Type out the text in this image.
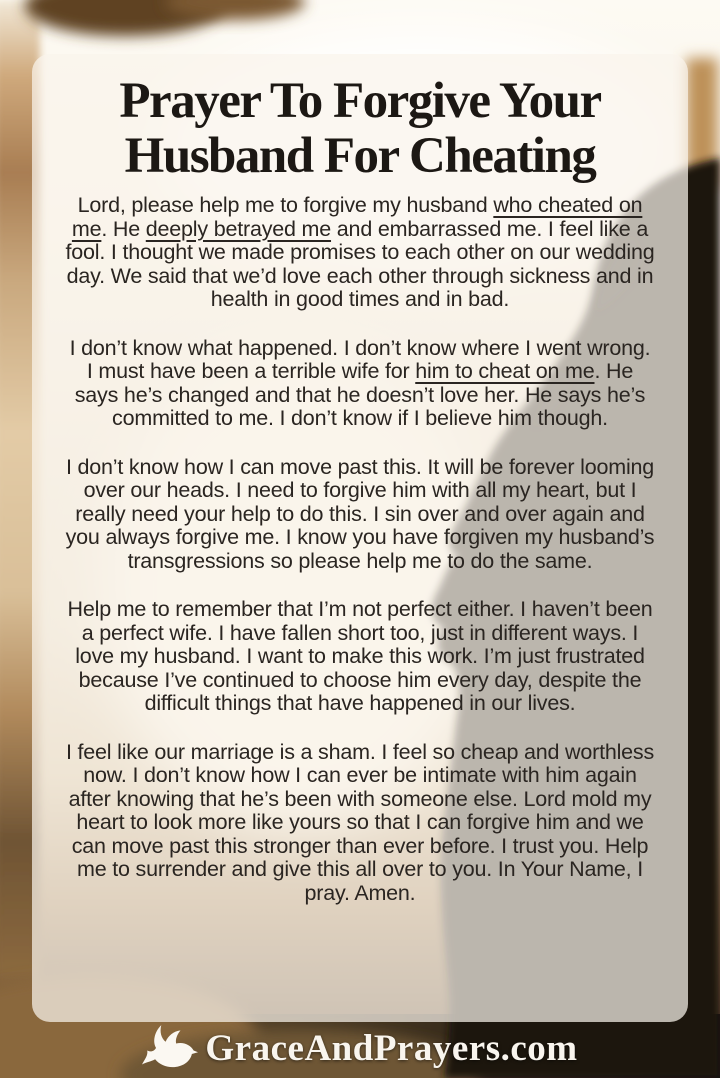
Prayer To Forgive Your
Husband For Cheating

Lord, please help me to forgive my husband who cheated on me. He deeply betrayed me and embarrassed me. I feel like a fool. I thought we made promises to each other on our wedding day. We said that we’d love each other through sickness and in health in good times and in bad.

I don’t know what happened. I don’t know where I went wrong. I must have been a terrible wife for him to cheat on me. He says he’s changed and that he doesn’t love her. He says he’s committed to me. I don’t know if I believe him though.

I don’t know how I can move past this. It will be forever looming over our heads. I need to forgive him with all my heart, but I really need your help to do this. I sin over and over again and you always forgive me. I know you have forgiven my husband’s transgressions so please help me to do the same.

Help me to remember that I’m not perfect either. I haven’t been a perfect wife. I have fallen short too, just in different ways. I love my husband. I want to make this work. I’m just frustrated because I’ve continued to choose him every day, despite the difficult things that have happened in our lives.

I feel like our marriage is a sham. I feel so cheap and worthless now. I don’t know how I can ever be intimate with him again after knowing that he’s been with someone else. Lord mold my heart to look more like yours so that I can forgive him and we can move past this stronger than ever before. I trust you. Help me to surrender and give this all over to you. In Your Name, I pray. Amen.

GraceAndPrayers.com
